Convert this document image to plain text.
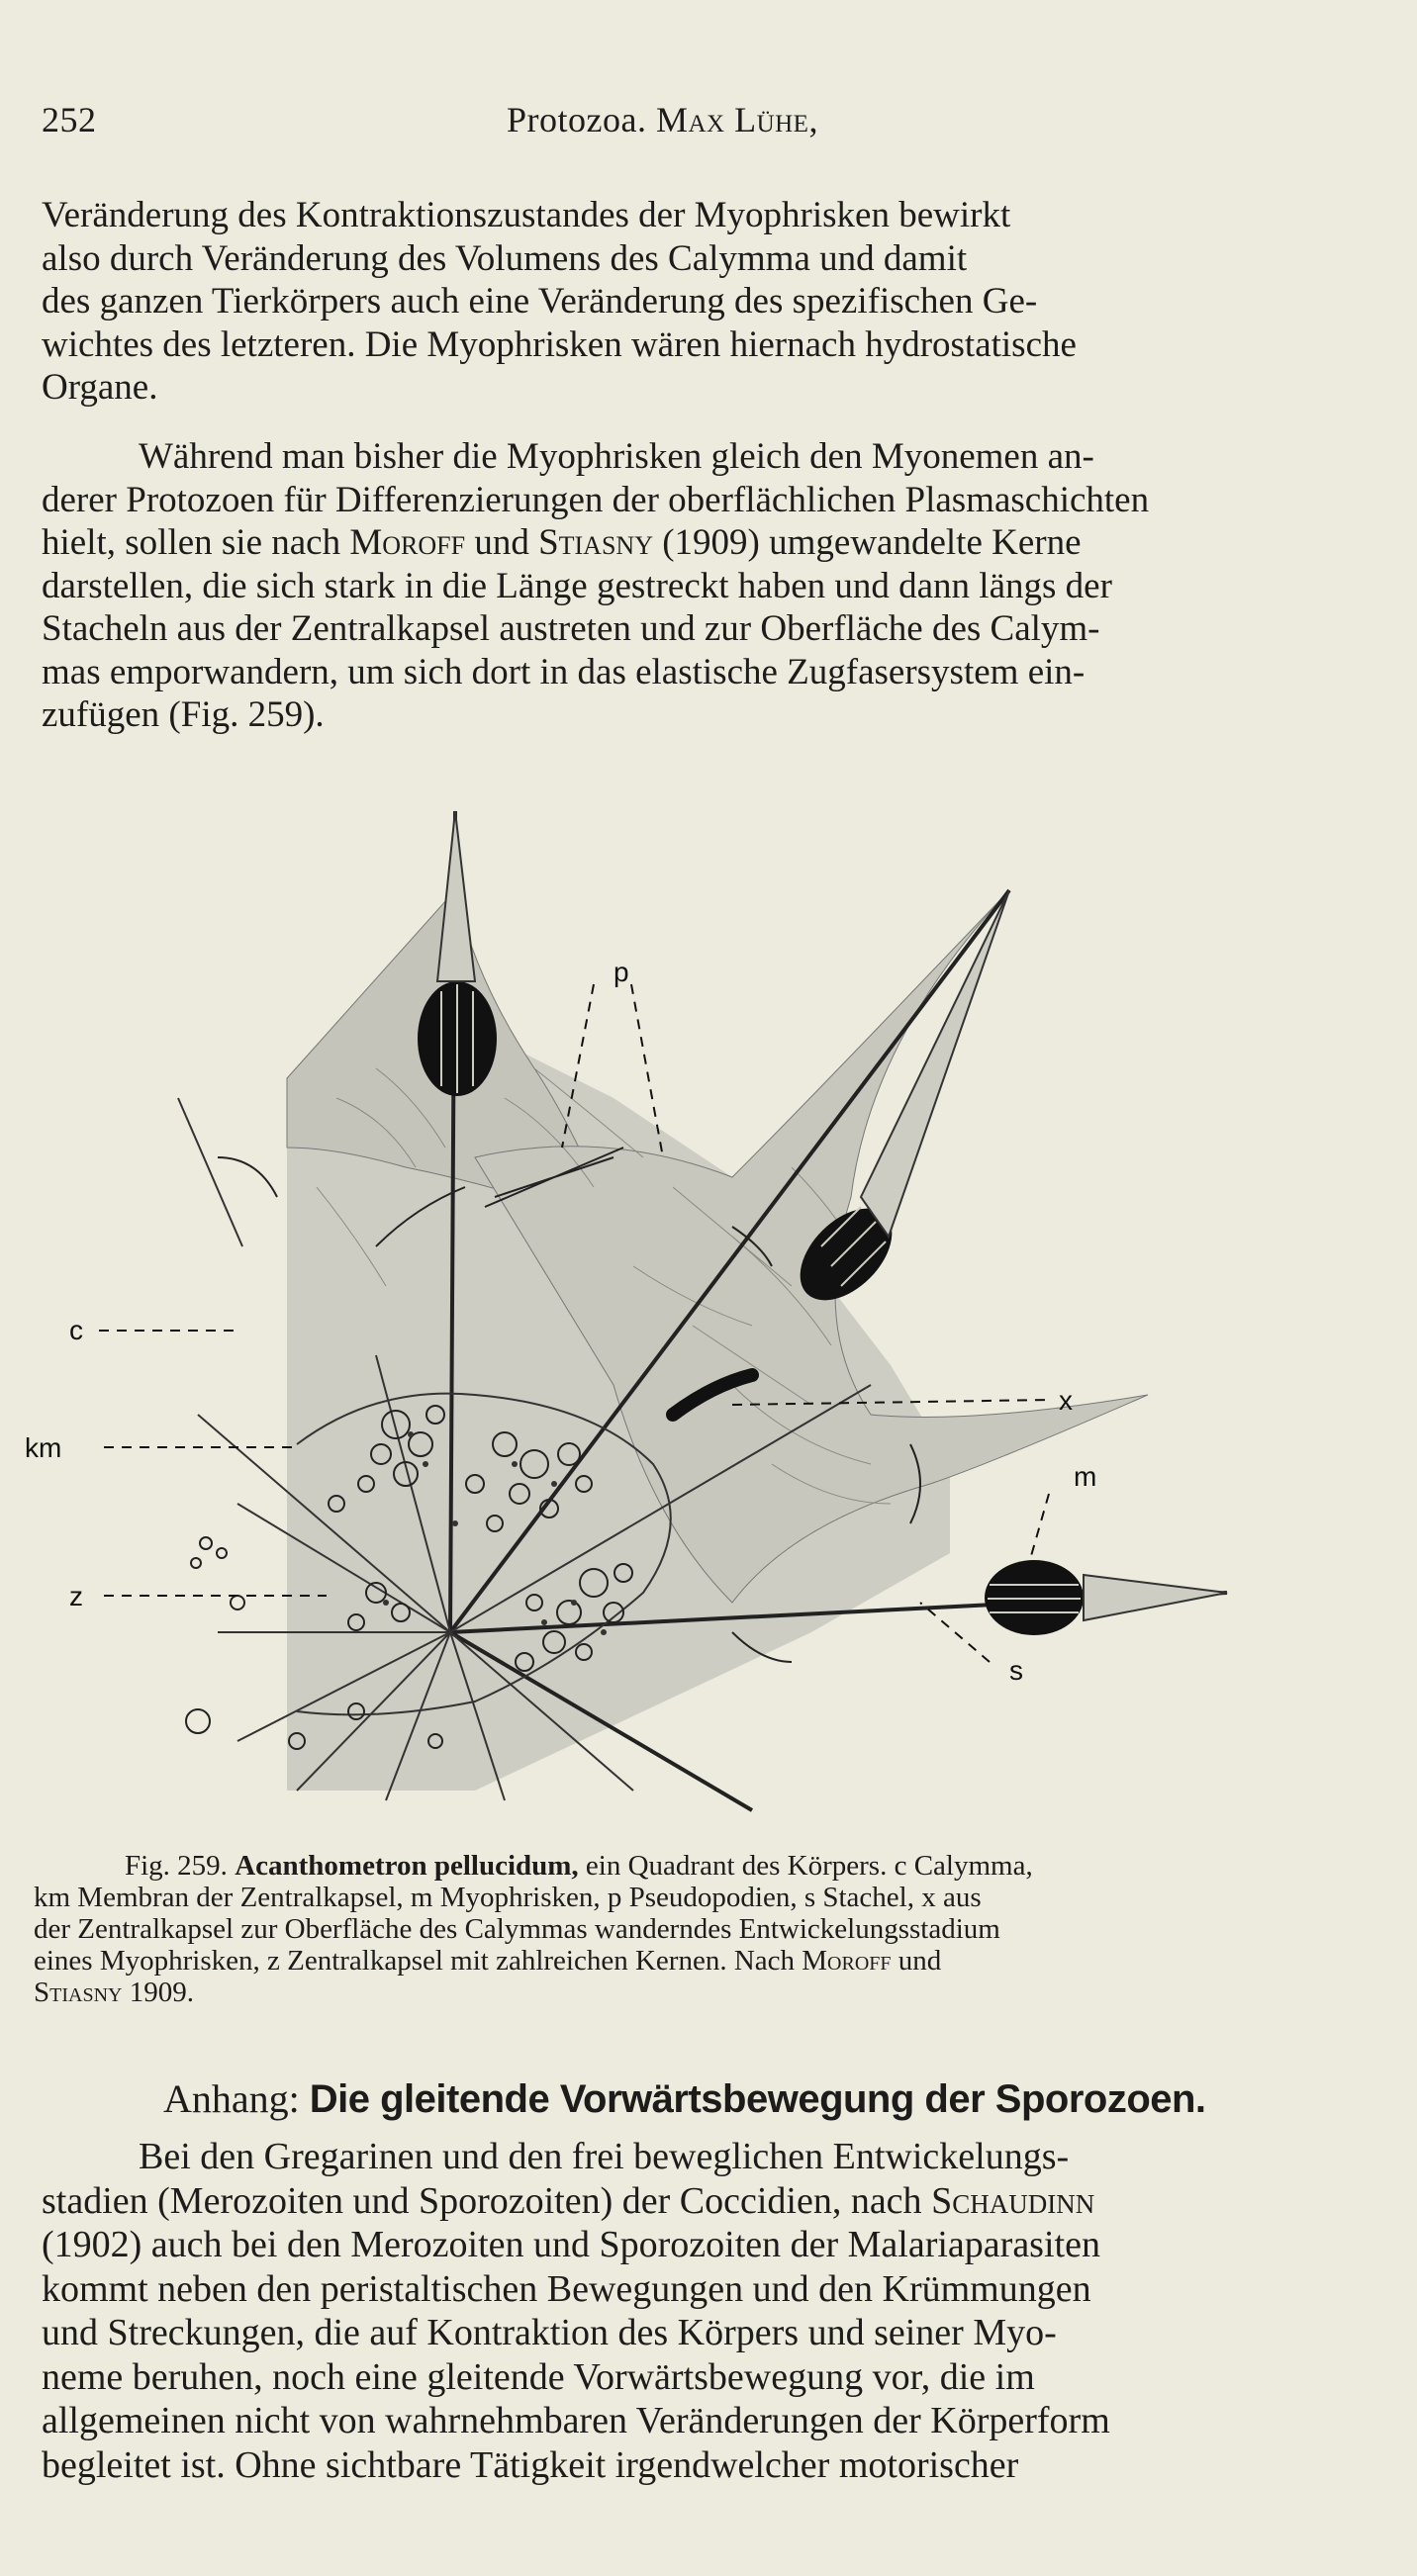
252	Protozoa. Max Lühe,

Veränderung des Kontraktionszustandes der Myophrisken bewirkt
also durch Veränderung des Volumens des Calymma und damit
des ganzen Tierkörpers auch eine Veränderung des spezifischen Ge-
wichtes des letzteren. Die Myophrisken wären hiernach hydrostatische
Organe.

Während man bisher die Myophrisken gleich den Myonemen an-
derer Protozoen für Differenzierungen der oberflächlichen Plasmaschichten
hielt, sollen sie nach Moroff und Stiasny (1909) umgewandelte Kerne
darstellen, die sich stark in die Länge gestreckt haben und dann längs der
Stacheln aus der Zentralkapsel austreten und zur Oberfläche des Calym-
mas emporwandern, um sich dort in das elastische Zugfasersystem ein-
zufügen (Fig. 259).

p
c
km
x
m
z
s

Fig. 259. Acanthometron pellucidum, ein Quadrant des Körpers. c Calymma,
km Membran der Zentralkapsel, m Myophrisken, p Pseudopodien, s Stachel, x aus
der Zentralkapsel zur Oberfläche des Calymmas wanderndes Entwickelungsstadium
eines Myophrisken, z Zentralkapsel mit zahlreichen Kernen. Nach Moroff und
Stiasny 1909.

Anhang: Die gleitende Vorwärtsbewegung der Sporozoen.

Bei den Gregarinen und den frei beweglichen Entwickelungs-
stadien (Merozoiten und Sporozoiten) der Coccidien, nach Schaudinn
(1902) auch bei den Merozoiten und Sporozoiten der Malariaparasiten
kommt neben den peristaltischen Bewegungen und den Krümmungen
und Streckungen, die auf Kontraktion des Körpers und seiner Myo-
neme beruhen, noch eine gleitende Vorwärtsbewegung vor, die im
allgemeinen nicht von wahrnehmbaren Veränderungen der Körperform
begleitet ist. Ohne sichtbare Tätigkeit irgendwelcher motorischer
